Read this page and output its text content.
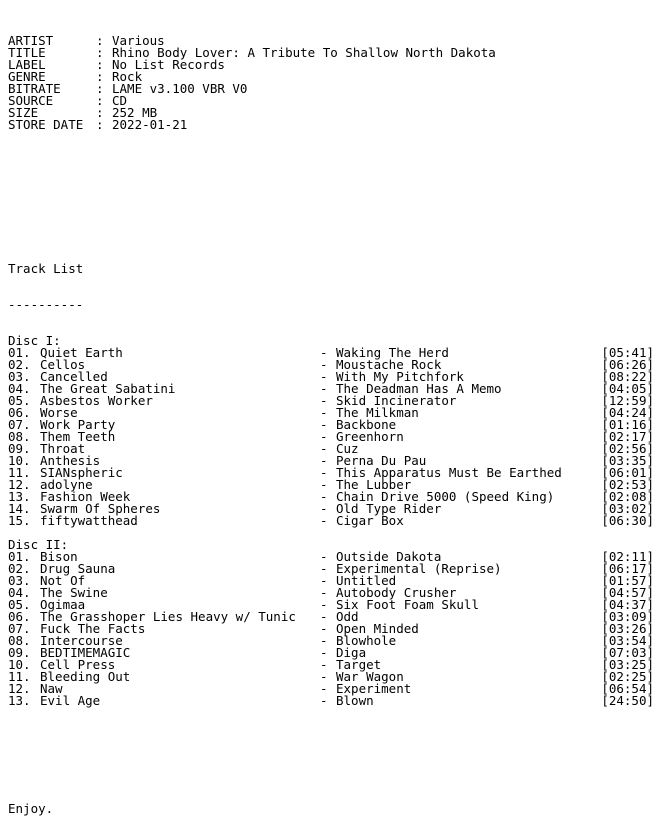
ARTIST	: Various
TITLE	: Rhino Body Lover: A Tribute To Shallow North Dakota
LABEL	: No List Records
GENRE	: Rock
BITRATE	: LAME v3.100 VBR V0
SOURCE	: CD
SIZE	: 252 MB
STORE DATE : 2022-01-21

Track List

----------

Disc I:
01. Quiet Earth	- Waking The Herd	[05:41]
02. Cellos	- Moustache Rock	[06:26]
03. Cancelled	- With My Pitchfork	[08:22]
04. The Great Sabatini	- The Deadman Has A Memo	[04:05]
05. Asbestos Worker	- Skid Incinerator	[12:59]
06. Worse	- The Milkman	[04:24]
07. Work Party	- Backbone	[01:16]
08. Them Teeth	- Greenhorn	[02:17]
09. Throat	- Cuz	[02:56]
10. Anthesis	- Perna Du Pau	[03:35]
11. SIANspheric	- This Apparatus Must Be Earthed	[06:01]
12. adolyne	- The Lubber	[02:53]
13. Fashion Week	- Chain Drive 5000 (Speed King)	[02:08]
14. Swarm Of Spheres	- Old Type Rider	[03:02]
15. fiftywatthead	- Cigar Box	[06:30]
Disc II:
01. Bison	- Outside Dakota	[02:11]
02. Drug Sauna	- Experimental (Reprise)	[06:17]
03. Not Of	- Untitled	[01:57]
04. The Swine	- Autobody Crusher	[04:57]
05. Ogimaa	- Six Foot Foam Skull	[04:37]
06. The Grasshoper Lies Heavy w/ Tunic - Odd	[03:09]
07. Fuck The Facts	- Open Minded	[03:26]
08. Intercourse	- Blowhole	[03:54]
09. BEDTIMEMAGIC	- Diga	[07:03]
10. Cell Press	- Target	[03:25]
11. Bleeding Out	- War Wagon	[02:25]
12. Naw	- Experiment	[06:54]
13. Evil Age	- Blown	[24:50]

Enjoy.
